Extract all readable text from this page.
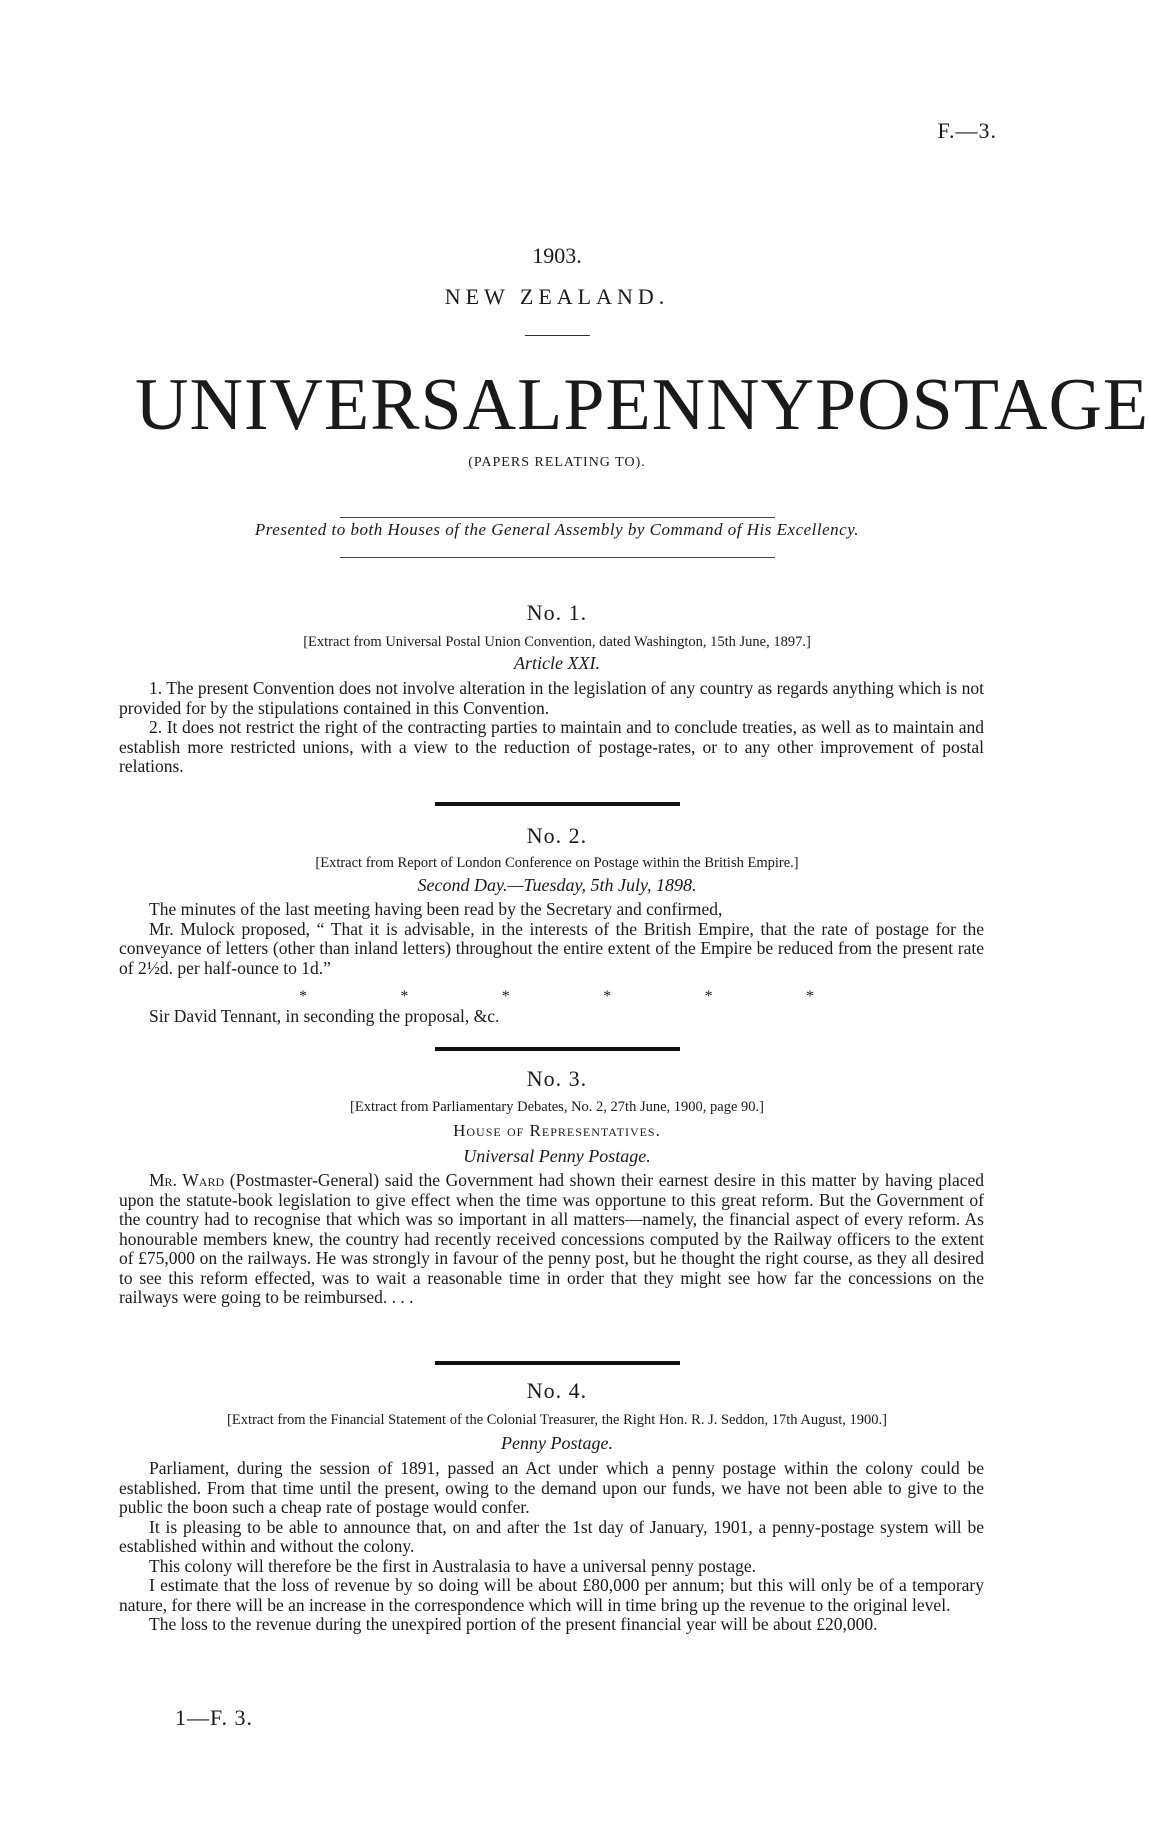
F.—3.
1903.
NEW ZEALAND.
UNIVERSAL PENNY POSTAGE
(PAPERS RELATING TO).
Presented to both Houses of the General Assembly by Command of His Excellency.
No. 1.
[Extract from Universal Postal Union Convention, dated Washington, 15th June, 1897.]
Article XXI.
1. The present Convention does not involve alteration in the legislation of any country as regards anything which is not provided for by the stipulations contained in this Convention.
2. It does not restrict the right of the contracting parties to maintain and to conclude treaties, as well as to maintain and establish more restricted unions, with a view to the reduction of postage-rates, or to any other improvement of postal relations.
No. 2.
[Extract from Report of London Conference on Postage within the British Empire.]
Second Day.—Tuesday, 5th July, 1898.
The minutes of the last meeting having been read by the Secretary and confirmed,
Mr. Mulock proposed, “ That it is advisable, in the interests of the British Empire, that the rate of postage for the conveyance of letters (other than inland letters) throughout the entire extent of the Empire be reduced from the present rate of 2½d. per half-ounce to 1d.”
*	*	*	*	*	*
Sir David Tennant, in seconding the proposal, &c.
No. 3.
[Extract from Parliamentary Debates, No. 2, 27th June, 1900, page 90.]
House of Representatives.
Universal Penny Postage.
Mr. Ward (Postmaster-General) said the Government had shown their earnest desire in this matter by having placed upon the statute-book legislation to give effect when the time was opportune to this great reform. But the Government of the country had to recognise that which was so important in all matters—namely, the financial aspect of every reform. As honourable members knew, the country had recently received concessions computed by the Railway officers to the extent of £75,000 on the railways. He was strongly in favour of the penny post, but he thought the right course, as they all desired to see this reform effected, was to wait a reasonable time in order that they might see how far the concessions on the railways were going to be reimbursed. . . .
No. 4.
[Extract from the Financial Statement of the Colonial Treasurer, the Right Hon. R. J. Seddon, 17th August, 1900.]
Penny Postage.
Parliament, during the session of 1891, passed an Act under which a penny postage within the colony could be established. From that time until the present, owing to the demand upon our funds, we have not been able to give to the public the boon such a cheap rate of postage would confer.
It is pleasing to be able to announce that, on and after the 1st day of January, 1901, a penny-postage system will be established within and without the colony.
This colony will therefore be the first in Australasia to have a universal penny postage.
I estimate that the loss of revenue by so doing will be about £80,000 per annum; but this will only be of a temporary nature, for there will be an increase in the correspondence which will in time bring up the revenue to the original level.
The loss to the revenue during the unexpired portion of the present financial year will be about £20,000.
1—F. 3.
